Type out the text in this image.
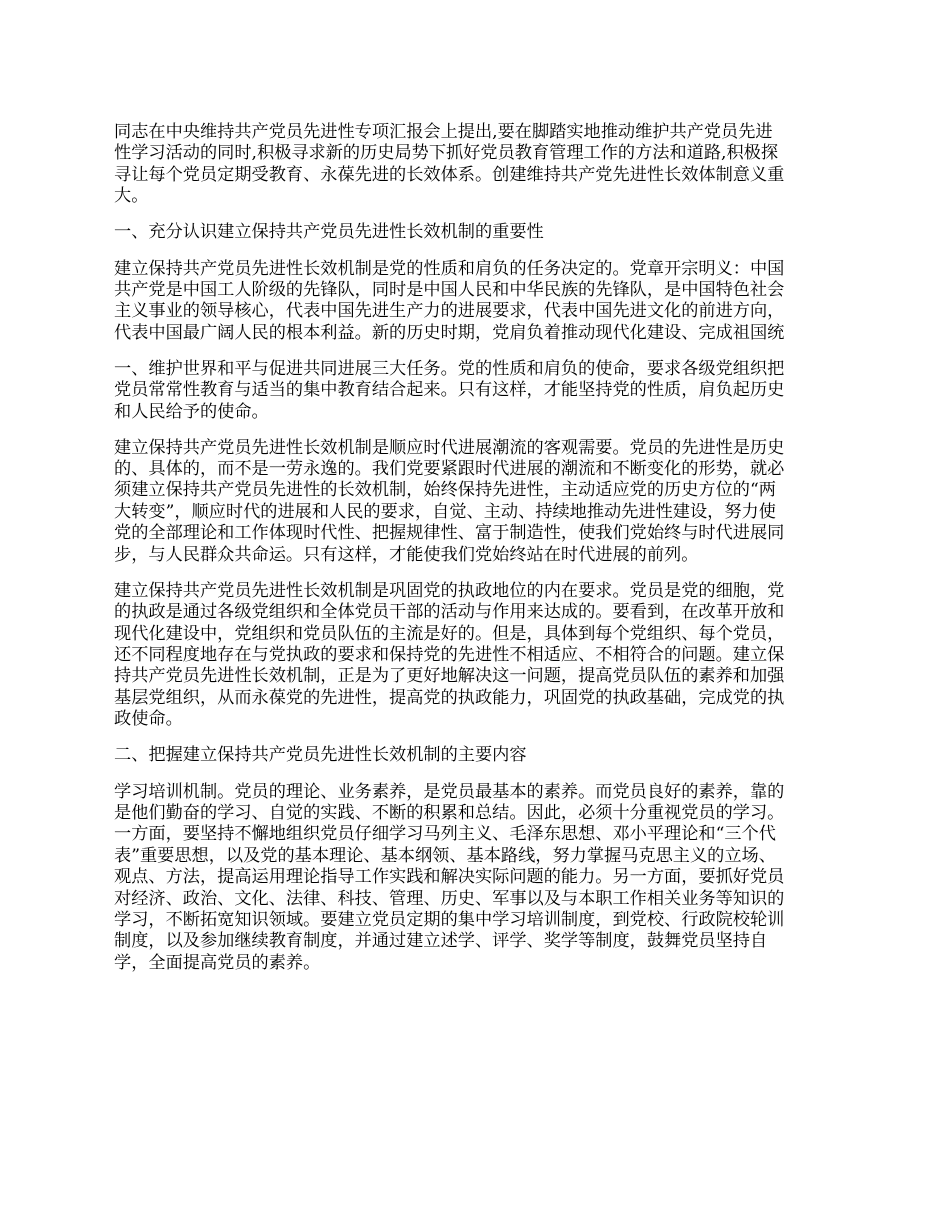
同志在中央维持共产党员先进性专项汇报会上提出,要在脚踏实地推动维护共产党员先进
性学习活动的同时,积极寻求新的历史局势下抓好党员教育管理工作的方法和道路,积极探
寻让每个党员定期受教育、永葆先进的长效体系。创建维持共产党先进性长效体制意义重
大。

一、充分认识建立保持共产党员先进性长效机制的重要性

建立保持共产党员先进性长效机制是党的性质和肩负的任务决定的。党章开宗明义：中国
共产党是中国工人阶级的先锋队，同时是中国人民和中华民族的先锋队，是中国特色社会
主义事业的领导核心，代表中国先进生产力的进展要求，代表中国先进文化的前进方向，
代表中国最广阔人民的根本利益。新的历史时期，党肩负着推动现代化建设、完成祖国统

一、维护世界和平与促进共同进展三大任务。党的性质和肩负的使命，要求各级党组织把
党员常常性教育与适当的集中教育结合起来。只有这样，才能坚持党的性质，肩负起历史
和人民给予的使命。

建立保持共产党员先进性长效机制是顺应时代进展潮流的客观需要。党员的先进性是历史
的、具体的，而不是一劳永逸的。我们党要紧跟时代进展的潮流和不断变化的形势，就必
须建立保持共产党员先进性的长效机制，始终保持先进性，主动适应党的历史方位的“两
大转变”，顺应时代的进展和人民的要求，自觉、主动、持续地推动先进性建设，努力使
党的全部理论和工作体现时代性、把握规律性、富于制造性，使我们党始终与时代进展同
步，与人民群众共命运。只有这样，才能使我们党始终站在时代进展的前列。

建立保持共产党员先进性长效机制是巩固党的执政地位的内在要求。党员是党的细胞，党
的执政是通过各级党组织和全体党员干部的活动与作用来达成的。要看到，在改革开放和
现代化建设中，党组织和党员队伍的主流是好的。但是，具体到每个党组织、每个党员，
还不同程度地存在与党执政的要求和保持党的先进性不相适应、不相符合的问题。建立保
持共产党员先进性长效机制，正是为了更好地解决这一问题，提高党员队伍的素养和加强
基层党组织，从而永葆党的先进性，提高党的执政能力，巩固党的执政基础，完成党的执
政使命。

二、把握建立保持共产党员先进性长效机制的主要内容

学习培训机制。党员的理论、业务素养，是党员最基本的素养。而党员良好的素养，靠的
是他们勤奋的学习、自觉的实践、不断的积累和总结。因此，必须十分重视党员的学习。
一方面，要坚持不懈地组织党员仔细学习马列主义、毛泽东思想、邓小平理论和“三个代
表”重要思想，以及党的基本理论、基本纲领、基本路线，努力掌握马克思主义的立场、
观点、方法，提高运用理论指导工作实践和解决实际问题的能力。另一方面，要抓好党员
对经济、政治、文化、法律、科技、管理、历史、军事以及与本职工作相关业务等知识的
学习，不断拓宽知识领域。要建立党员定期的集中学习培训制度，到党校、行政院校轮训
制度，以及参加继续教育制度，并通过建立述学、评学、奖学等制度，鼓舞党员坚持自
学，全面提高党员的素养。
